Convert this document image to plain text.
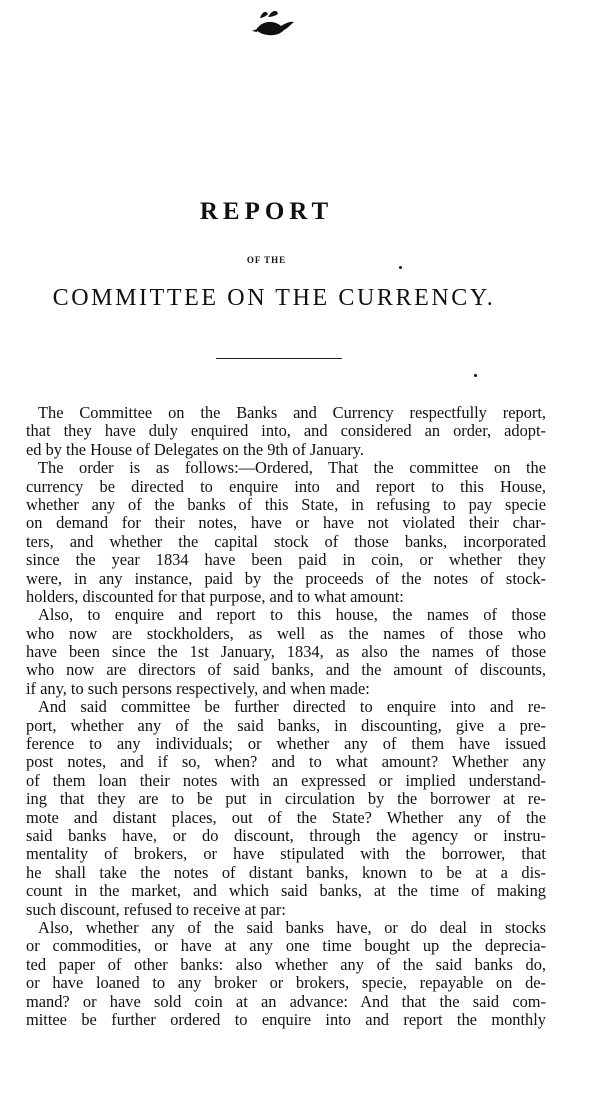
REPORT
OF THE
COMMITTEE ON THE CURRENCY.
The Committee on the Banks and Currency respectfully report,
that they have duly enquired into, and considered an order, adopt-
ed by the House of Delegates on the 9th of January.
The order is as follows:—Ordered, That the committee on the
currency be directed to enquire into and report to this House,
whether any of the banks of this State, in refusing to pay specie
on demand for their notes, have or have not violated their char-
ters, and whether the capital stock of those banks, incorporated
since the year 1834 have been paid in coin, or whether they
were, in any instance, paid by the proceeds of the notes of stock-
holders, discounted for that purpose, and to what amount:
Also, to enquire and report to this house, the names of those
who now are stockholders, as well as the names of those who
have been since the 1st January, 1834, as also the names of those
who now are directors of said banks, and the amount of discounts,
if any, to such persons respectively, and when made:
And said committee be further directed to enquire into and re-
port, whether any of the said banks, in discounting, give a pre-
ference to any individuals; or whether any of them have issued
post notes, and if so, when? and to what amount? Whether any
of them loan their notes with an expressed or implied understand-
ing that they are to be put in circulation by the borrower at re-
mote and distant places, out of the State? Whether any of the
said banks have, or do discount, through the agency or instru-
mentality of brokers, or have stipulated with the borrower, that
he shall take the notes of distant banks, known to be at a dis-
count in the market, and which said banks, at the time of making
such discount, refused to receive at par:
Also, whether any of the said banks have, or do deal in stocks
or commodities, or have at any one time bought up the deprecia-
ted paper of other banks: also whether any of the said banks do,
or have loaned to any broker or brokers, specie, repayable on de-
mand? or have sold coin at an advance: And that the said com-
mittee be further ordered to enquire into and report the monthly
